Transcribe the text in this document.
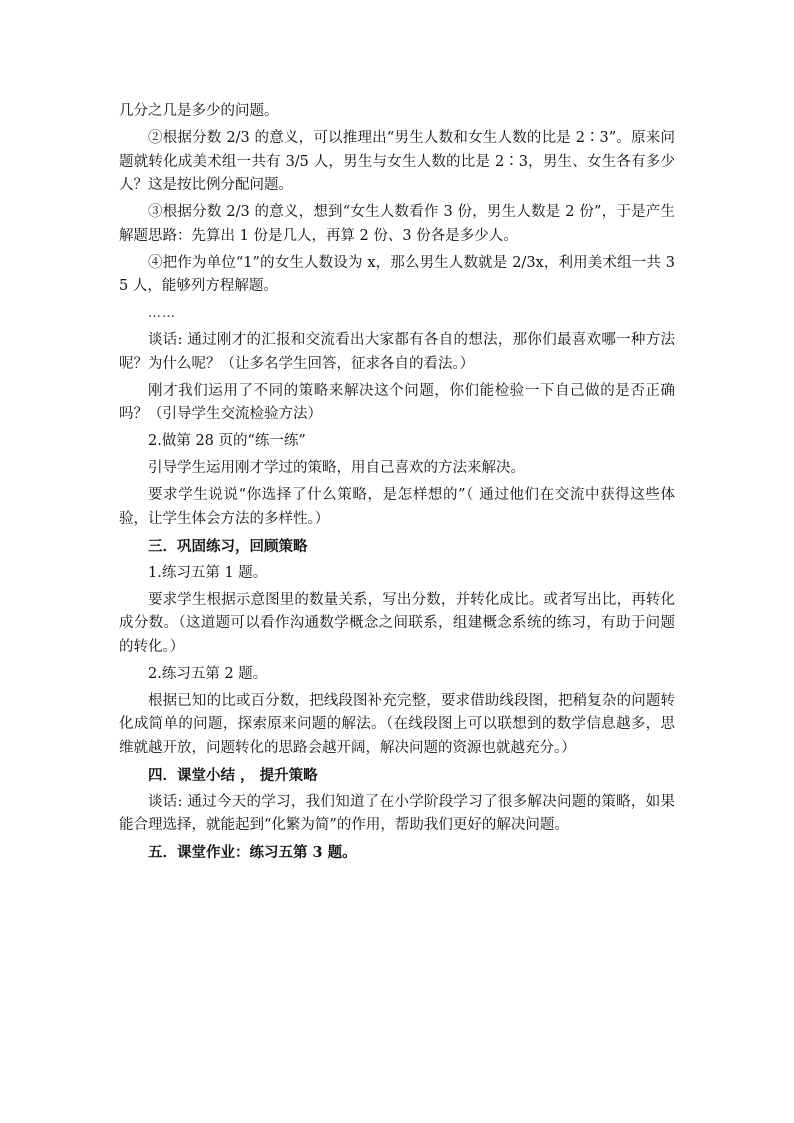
几分之几是多少的问题。

②根据分数 2/3 的意义，可以推理出“男生人数和女生人数的比是 2∶3”。原来问题就转化成美术组一共有 3/5 人，男生与女生人数的比是 2∶3，男生、女生各有多少人？这是按比例分配问题。

③根据分数 2/3 的意义，想到“女生人数看作 3 份，男生人数是 2 份”，于是产生解题思路：先算出 1 份是几人，再算 2 份、3 份各是多少人。

④把作为单位“1”的女生人数设为 x，那么男生人数就是 2/3x，利用美术组一共 35 人，能够列方程解题。

……

谈话: 通过刚才的汇报和交流看出大家都有各自的想法，那你们最喜欢哪一种方法呢？为什么呢？（让多名学生回答，征求各自的看法。）

刚才我们运用了不同的策略来解决这个问题，你们能检验一下自己做的是否正确吗？（引导学生交流检验方法）

2.做第 28 页的“练一练”

引导学生运用刚才学过的策略，用自己喜欢的方法来解决。

要求学生说说“你选择了什么策略，是怎样想的”（ 通过他们在交流中获得这些体验，让学生体会方法的多样性。）

三．巩固练习，回顾策略

1.练习五第 1 题。

要求学生根据示意图里的数量关系，写出分数，并转化成比。或者写出比，再转化成分数。（这道题可以看作沟通数学概念之间联系，组建概念系统的练习，有助于问题的转化。）

2.练习五第 2 题。

根据已知的比或百分数，把线段图补充完整，要求借助线段图，把稍复杂的问题转化成简单的问题，探索原来问题的解法。（在线段图上可以联想到的数学信息越多，思维就越开放，问题转化的思路会越开阔，解决问题的资源也就越充分。）

四．课堂小结 ， 提升策略

谈话: 通过今天的学习，我们知道了在小学阶段学习了很多解决问题的策略，如果能合理选择，就能起到“化繁为简”的作用，帮助我们更好的解决问题。

五．课堂作业：练习五第 3 题。
